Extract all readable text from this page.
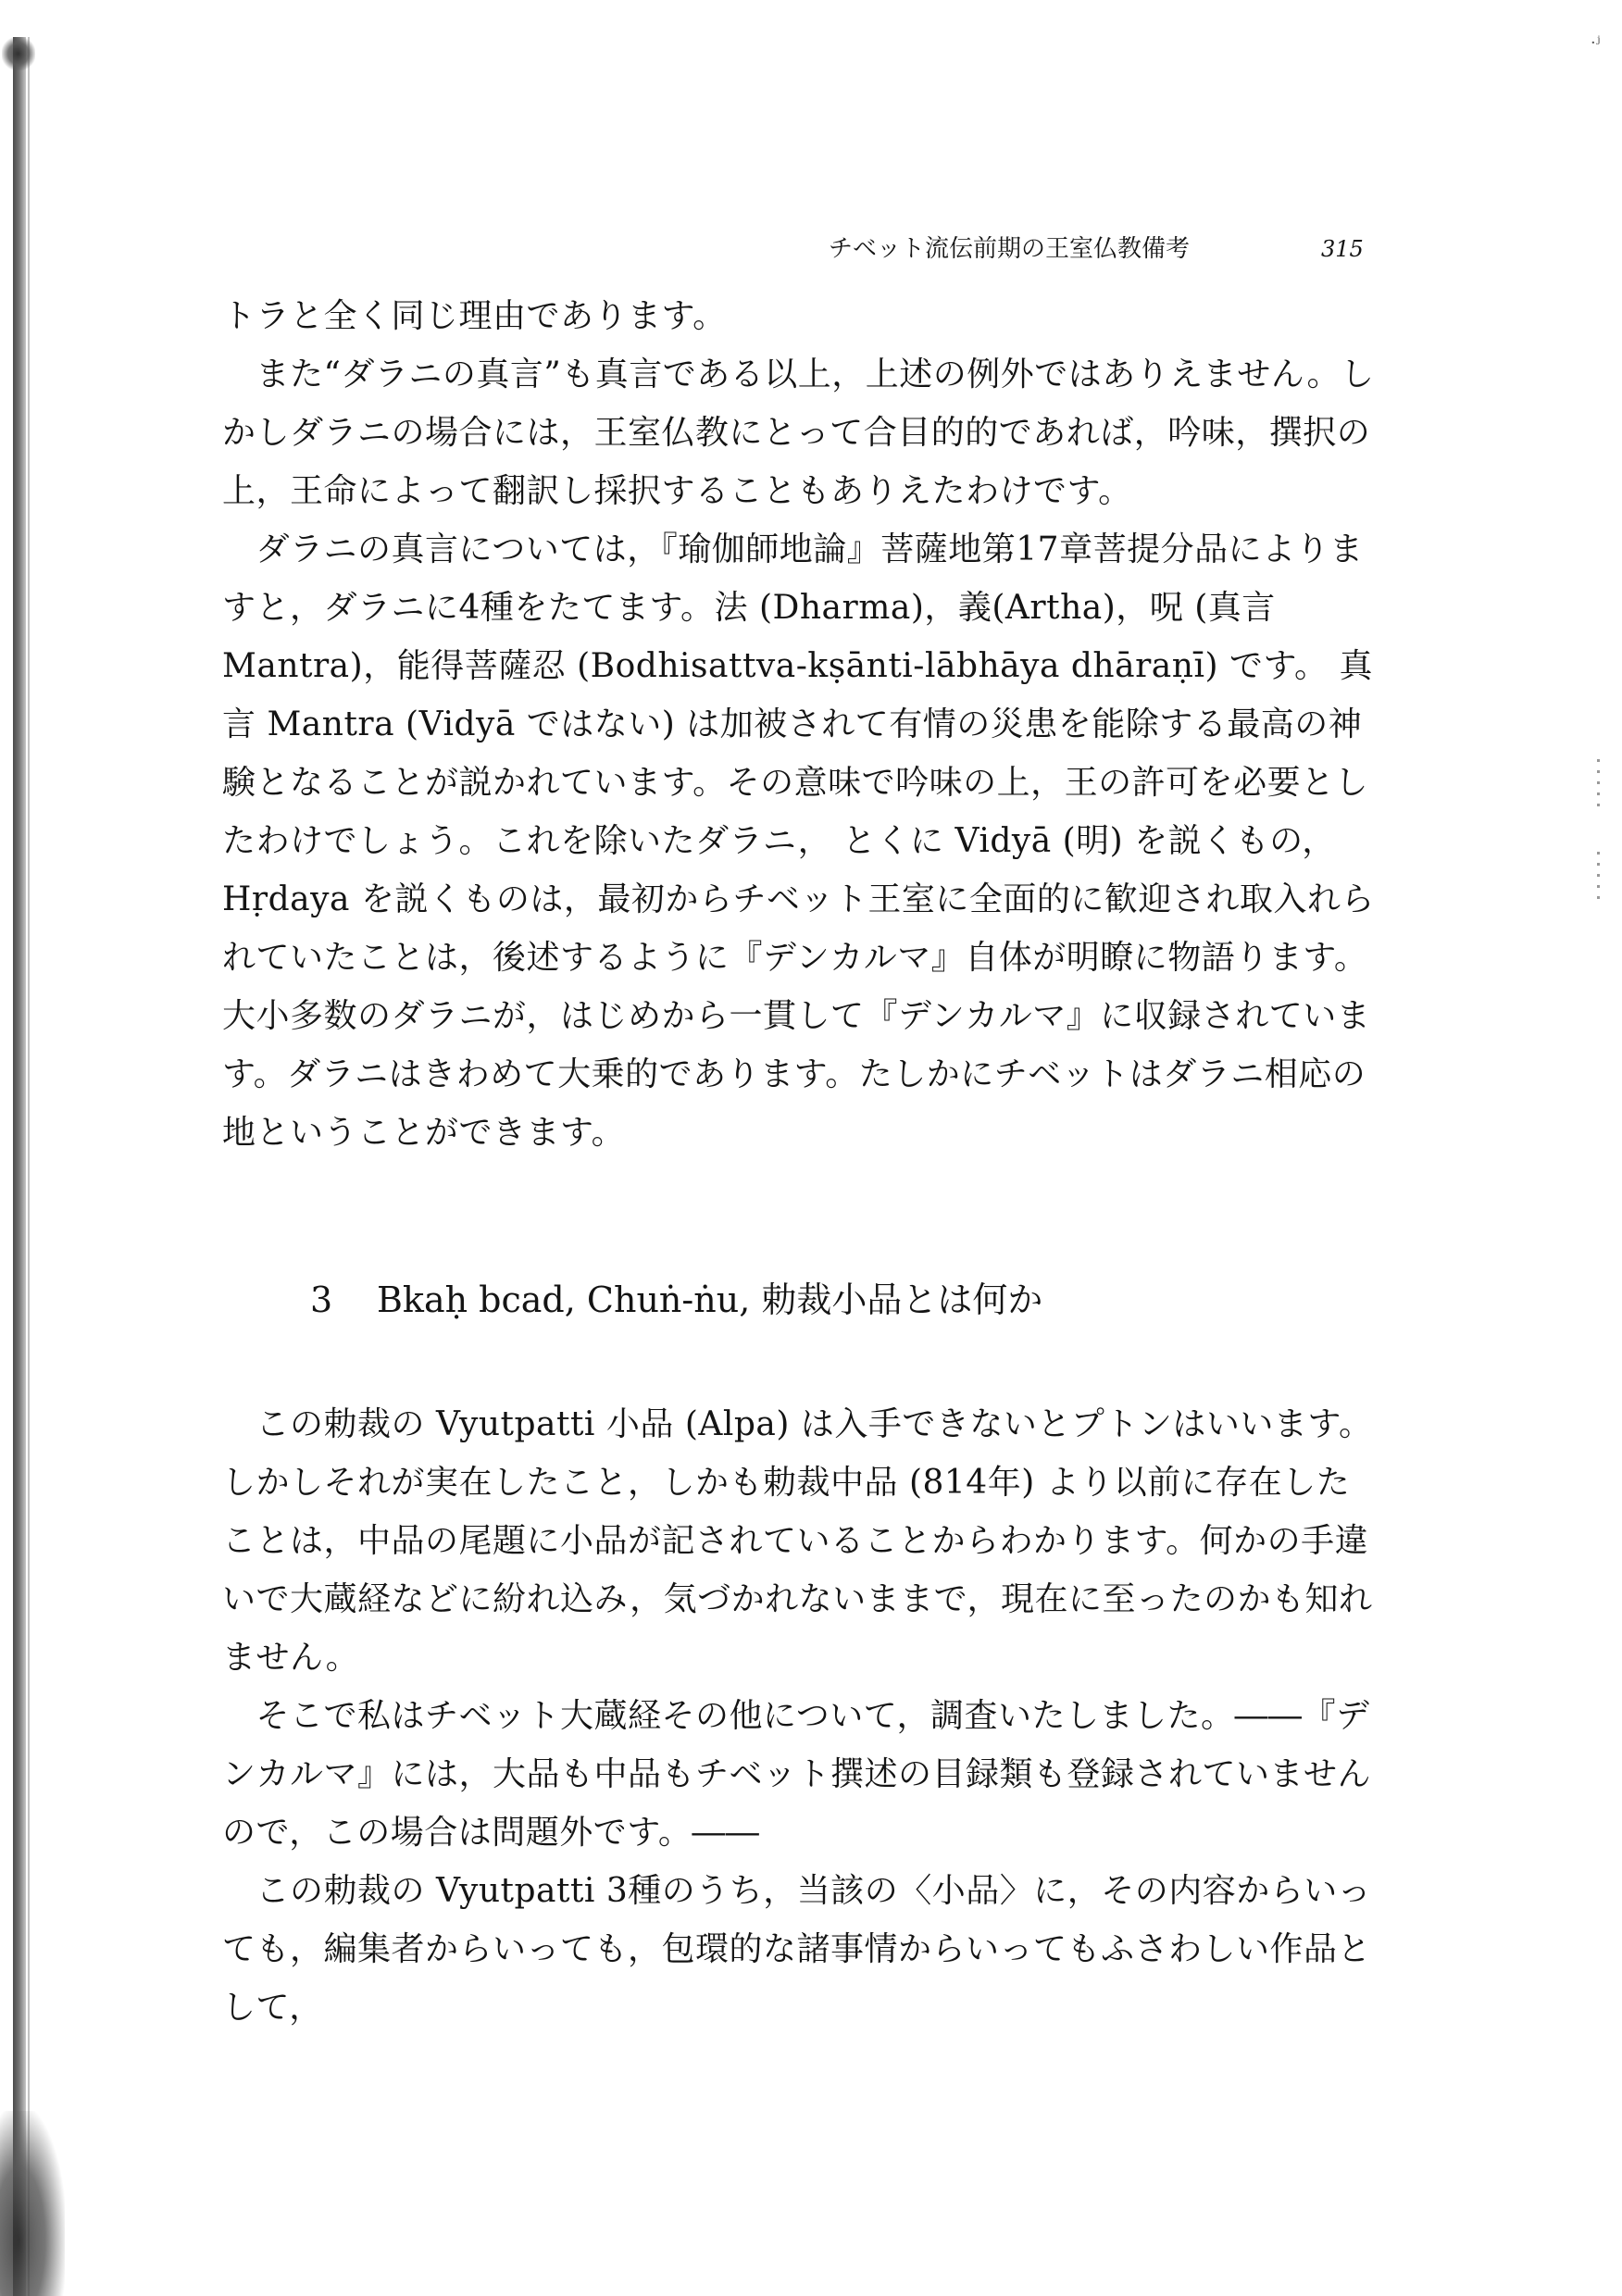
·ʲ
チベット流伝前期の王室仏教備考	315

トラと全く同じ理由であります。

　また“ダラニの真言”も真言である以上，上述の例外ではありえません。しかしダラニの場合には，王室仏教にとって合目的的であれば，吟味，撰択の上，王命によって翻訳し採択することもありえたわけです。

　ダラニの真言については，『瑜伽師地論』菩薩地第17章菩提分品によりますと，ダラニに4種をたてます。法 (Dharma)，義(Artha)，呪 (真言 Mantra)，能得菩薩忍 (Bodhisattva-kṣānti-lābhāya dhāraṇī) です。 真言 Mantra (Vidyā ではない) は加被されて有情の災患を能除する最高の神験となることが説かれています。その意味で吟味の上，王の許可を必要としたわけでしょう。これを除いたダラニ， とくに Vidyā (明) を説くもの， Hṛdaya を説くものは，最初からチベット王室に全面的に歓迎され取入れられていたことは，後述するように『デンカルマ』自体が明瞭に物語ります。大小多数のダラニが，はじめから一貫して『デンカルマ』に収録されています。ダラニはきわめて大乗的であります。たしかにチベットはダラニ相応の地ということができます。

3 Bkaḥ bcad, Chuṅ-ṅu, 勅裁小品とは何か

　この勅裁の Vyutpatti 小品 (Alpa) は入手できないとプトンはいいます。しかしそれが実在したこと，しかも勅裁中品 (814年) より以前に存在したことは，中品の尾題に小品が記されていることからわかります。何かの手違いで大蔵経などに紛れ込み，気づかれないままで，現在に至ったのかも知れません。

　そこで私はチベット大蔵経その他について，調査いたしました。――『デンカルマ』には，大品も中品もチベット撰述の目録類も登録されていませんので，この場合は問題外です。――

　この勅裁の Vyutpatti 3種のうち，当該の〈小品〉に，その内容からいっても，編集者からいっても，包環的な諸事情からいってもふさわしい作品として，
